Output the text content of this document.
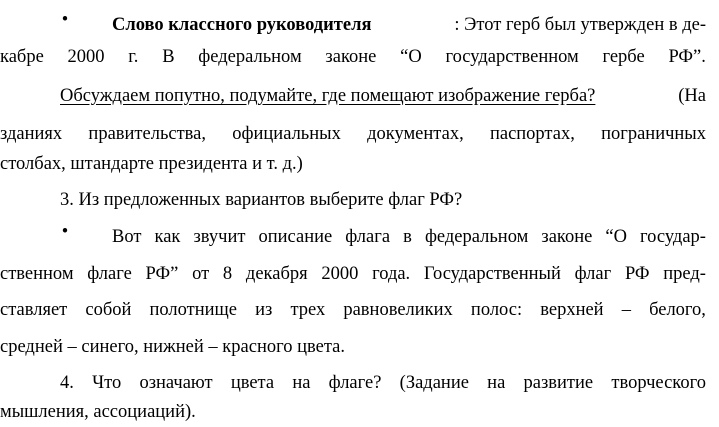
• Слово классного руководителя	: Этот герб был утвержден в де-
кабре 2000 г. В федеральном законе “О государственном гербе РФ”.
Обсуждаем попутно, подумайте, где помещают изображение герба?	(На
зданиях правительства, официальных документах, паспортах, пограничных
столбах, штандарте президента и т. д.)
3. Из предложенных вариантов выберите флаг РФ?
• Вот как звучит описание флага в федеральном законе “О государ-
ственном флаге РФ” от 8 декабря 2000 года. Государственный флаг РФ пред-
ставляет собой полотнище из трех равновеликих полос: верхней – белого,
средней – синего, нижней – красного цвета.
4. Что означают цвета на флаге? (Задание на развитие творческого
мышления, ассоциаций).
